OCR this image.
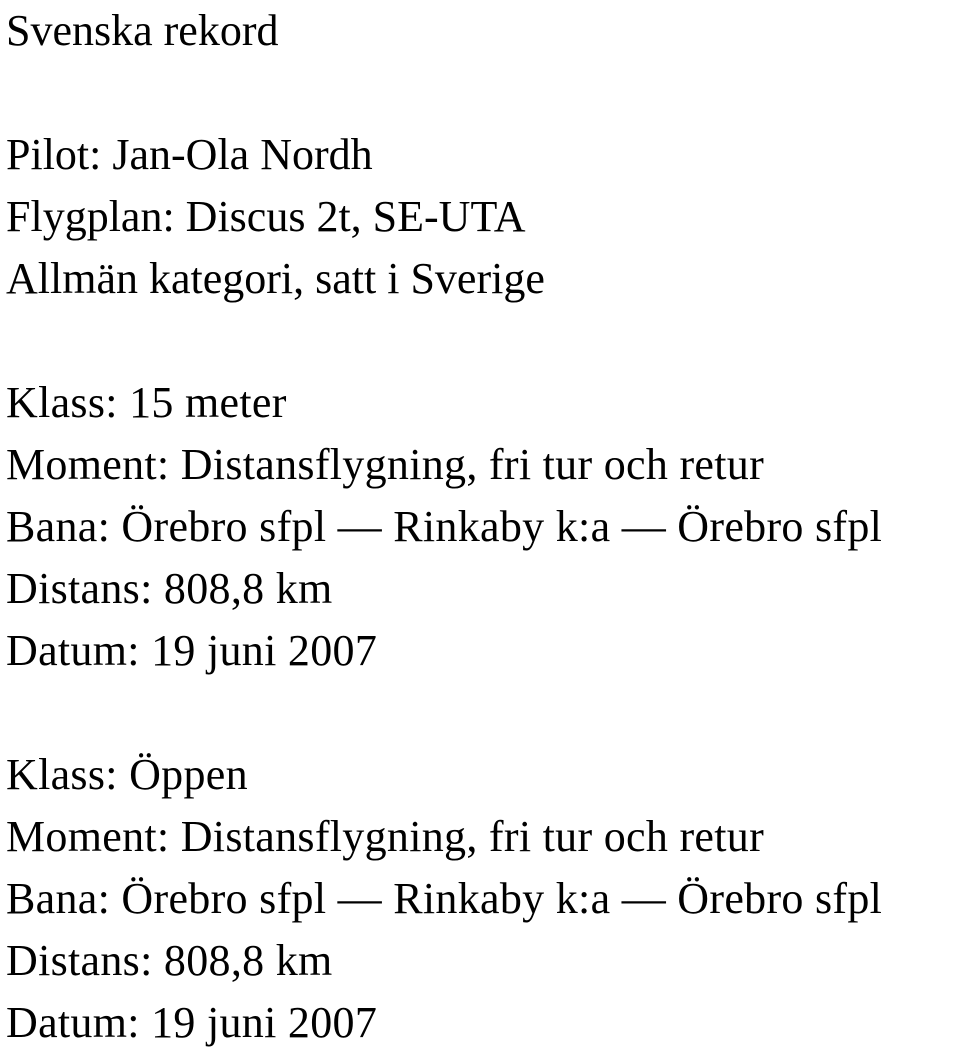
Svenska rekord
Pilot: Jan-Ola Nordh
Flygplan: Discus 2t, SE-UTA
Allmän kategori, satt i Sverige
Klass: 15 meter
Moment: Distansflygning, fri tur och retur
Bana: Örebro sfpl — Rinkaby k:a — Örebro sfpl
Distans: 808,8 km
Datum: 19 juni 2007
Klass: Öppen
Moment: Distansflygning, fri tur och retur
Bana: Örebro sfpl — Rinkaby k:a — Örebro sfpl
Distans: 808,8 km
Datum: 19 juni 2007
